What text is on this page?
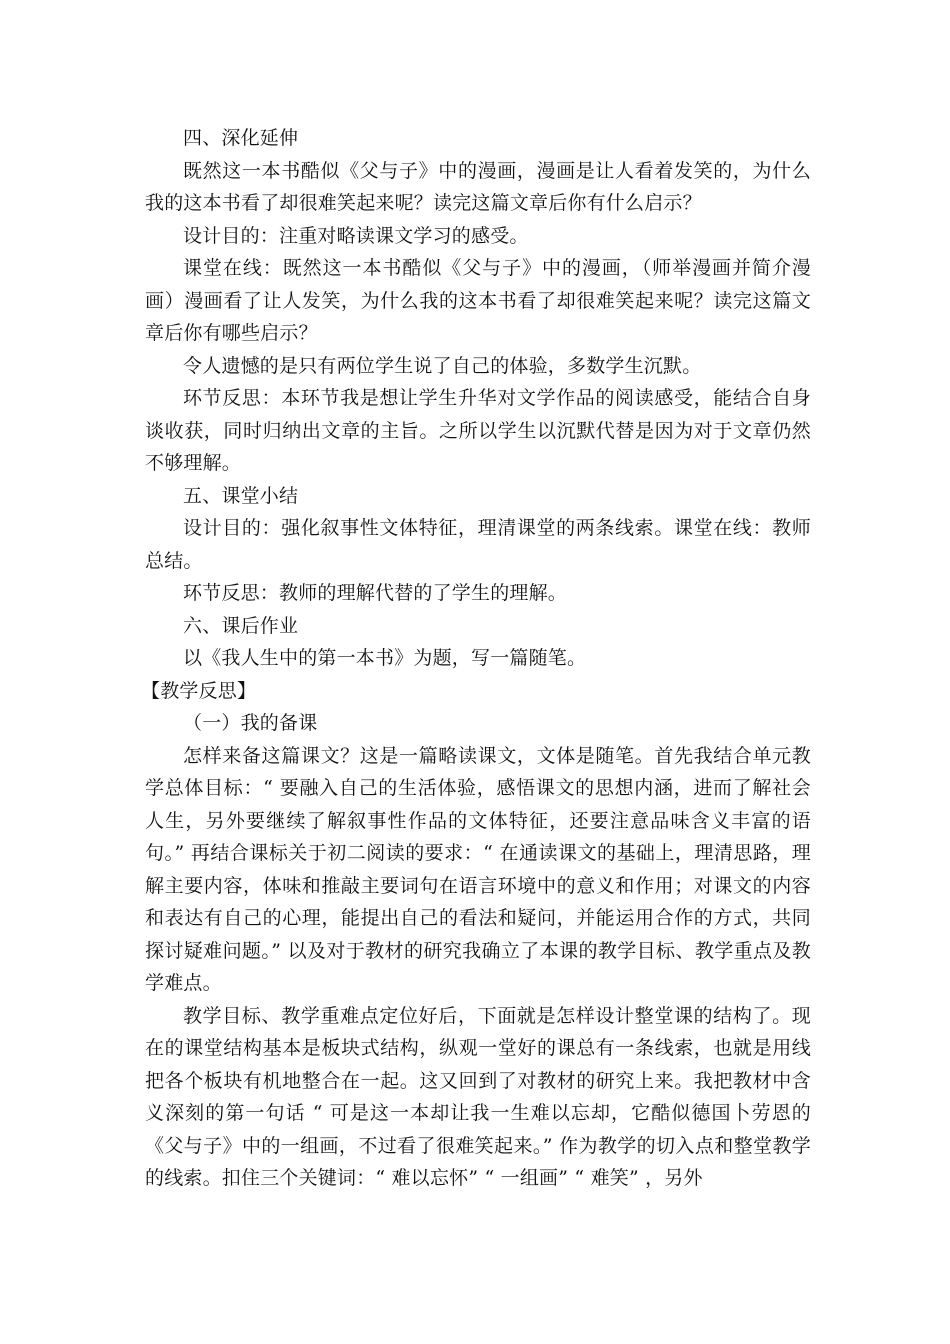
四、深化延伸

既然这一本书酷似《父与子》中的漫画，漫画是让人看着发笑的，为什么我的这本书看了却很难笑起来呢？读完这篇文章后你有什么启示？

设计目的：注重对略读课文学习的感受。

课堂在线：既然这一本书酷似《父与子》中的漫画，（师举漫画并简介漫画）漫画看了让人发笑，为什么我的这本书看了却很难笑起来呢？读完这篇文章后你有哪些启示？

令人遗憾的是只有两位学生说了自己的体验，多数学生沉默。

环节反思：本环节我是想让学生升华对文学作品的阅读感受，能结合自身谈收获，同时归纳出文章的主旨。之所以学生以沉默代替是因为对于文章仍然不够理解。

五、课堂小结

设计目的：强化叙事性文体特征，理清课堂的两条线索。课堂在线：教师总结。

环节反思：教师的理解代替的了学生的理解。

六、课后作业

以《我人生中的第一本书》为题，写一篇随笔。

【教学反思】

（一）我的备课

怎样来备这篇课文？这是一篇略读课文，文体是随笔。首先我结合单元教学总体目标：“ 要融入自己的生活体验，感悟课文的思想内涵，进而了解社会人生，另外要继续了解叙事性作品的文体特征，还要注意品味含义丰富的语句。” 再结合课标关于初二阅读的要求：“ 在通读课文的基础上，理清思路，理解主要内容，体味和推敲主要词句在语言环境中的意义和作用；对课文的内容和表达有自己的心理，能提出自己的看法和疑问，并能运用合作的方式，共同探讨疑难问题。” 以及对于教材的研究我确立了本课的教学目标、教学重点及教学难点。

教学目标、教学重难点定位好后，下面就是怎样设计整堂课的结构了。现在的课堂结构基本是板块式结构，纵观一堂好的课总有一条线索，也就是用线把各个板块有机地整合在一起。这又回到了对教材的研究上来。我把教材中含义深刻的第一句话 “ 可是这一本却让我一生难以忘却，它酷似德国卜劳恩的《父与子》中的一组画，不过看了很难笑起来。” 作为教学的切入点和整堂教学的线索。扣住三个关键词：“ 难以忘怀” “ 一组画” “ 难笑” ，另外
